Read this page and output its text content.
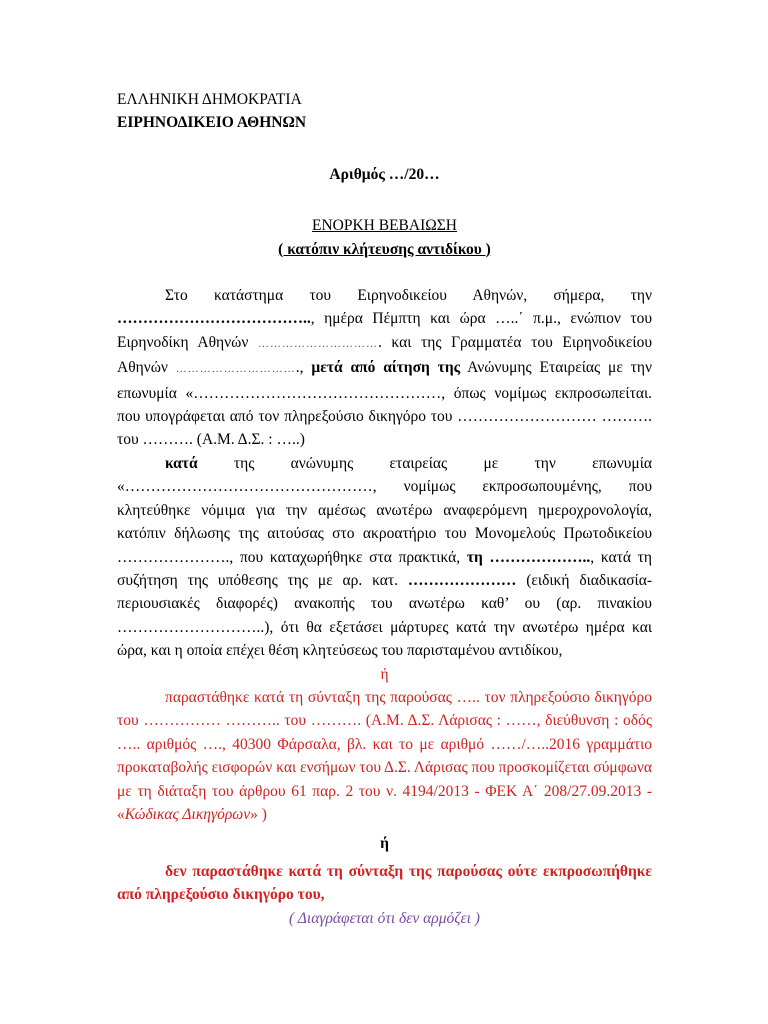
ΕΛΛΗΝΙΚΗ ΔΗΜΟΚΡΑΤΙΑ

ΕΙΡΗΝΟΔΙΚΕΙΟ ΑΘΗΝΩΝ

Αριθμός …/20…

ΕΝΟΡΚΗ ΒΕΒΑΙΩΣΗ

( κατόπιν κλήτευσης αντιδίκου )

Στο κατάστημα του Ειρηνοδικείου Αθηνών, σήμερα, την ……………………………….., ημέρα Πέμπτη και ώρα …..΄ π.μ., ενώπιον του Ειρηνοδίκη Αθηνών …………………………. και της Γραμματέα του Ειρηνοδικείου Αθηνών …………………………., μετά από αίτηση της Ανώνυμης Εταιρείας με την επωνυμία «…………………………………………, όπως νομίμως εκπροσωπείται. που υπογράφεται από τον πληρεξούσιο δικηγόρο του ……………………… ………. του ………. (Α.Μ. Δ.Σ. : …..)

κατά της ανώνυμης εταιρείας με την επωνυμία «…………………………………………, νομίμως εκπροσωπουμένης, που κλητεύθηκε νόμιμα για την αμέσως ανωτέρω αναφερόμενη ημεροχρονολογία, κατόπιν δήλωσης της αιτούσας στο ακροατήριο του Μονομελούς Πρωτοδικείου …………………., που καταχωρήθηκε στα πρακτικά, τη ……………….., κατά τη συζήτηση της υπόθεσης της με αρ. κατ. ………………… (ειδική διαδικασία-περιουσιακές διαφορές) ανακοπής του ανωτέρω καθ’ ου (αρ. πινακίου ………………………..), ότι θα εξετάσει μάρτυρες κατά την ανωτέρω ημέρα και ώρα, και η οποία επέχει θέση κλητεύσεως του παρισταμένου αντιδίκου,

ή

παραστάθηκε κατά τη σύνταξη της παρούσας ….. τον πληρεξούσιο δικηγόρο του …………… ……….. του ………. (Α.Μ. Δ.Σ. Λάρισας : ……, διεύθυνση : οδός ….. αριθμός …., 40300 Φάρσαλα, βλ. και το με αριθμό ……/…..2016 γραμμάτιο προκαταβολής εισφορών και ενσήμων του Δ.Σ. Λάρισας που προσκομίζεται σύμφωνα με τη διάταξη του άρθρου 61 παρ. 2 του ν. 4194/2013 - ΦΕΚ Α΄ 208/27.09.2013 - «Κώδικας Δικηγόρων» )

ή

δεν παραστάθηκε κατά τη σύνταξη της παρούσας ούτε εκπροσωπήθηκε από πληρεξούσιο δικηγόρο του,

( Διαγράφεται ότι δεν αρμόζει )
